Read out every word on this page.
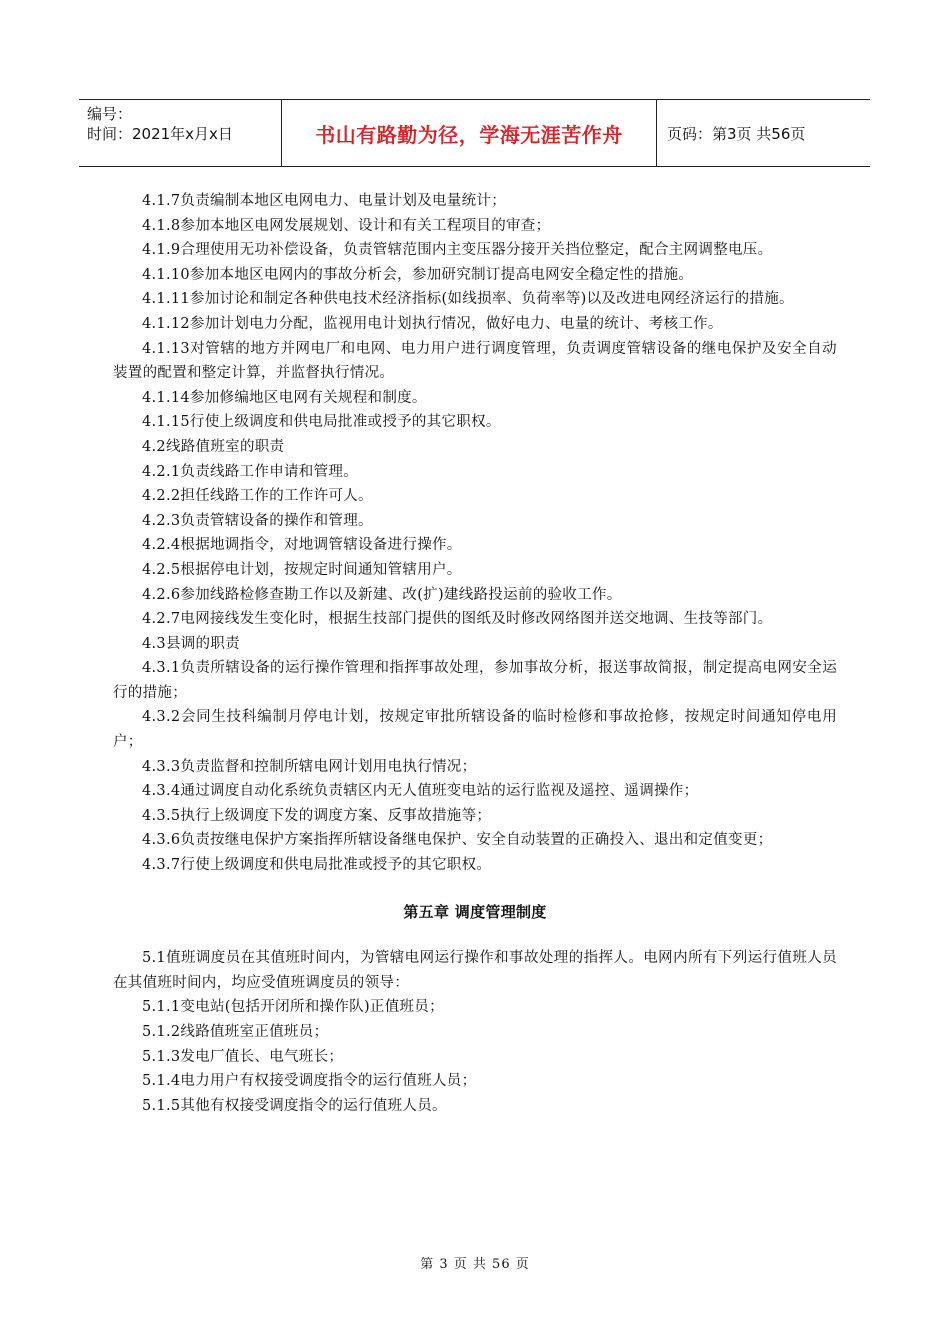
编号：
时间：2021年x月x日	书山有路勤为径，学海无涯苦作舟	页码：第3页 共56页

4.1.7负责编制本地区电网电力、电量计划及电量统计；

4.1.8参加本地区电网发展规划、设计和有关工程项目的审查；

4.1.9合理使用无功补偿设备，负责管辖范围内主变压器分接开关挡位整定，配合主网调整电压。

4.1.10参加本地区电网内的事故分析会，参加研究制订提高电网安全稳定性的措施。

4.1.11参加讨论和制定各种供电技术经济指标(如线损率、负荷率等)以及改进电网经济运行的措施。

4.1.12参加计划电力分配，监视用电计划执行情况，做好电力、电量的统计、考核工作。

4.1.13对管辖的地方并网电厂和电网、电力用户进行调度管理，负责调度管辖设备的继电保护及安全自动装置的配置和整定计算，并监督执行情况。

4.1.14参加修编地区电网有关规程和制度。

4.1.15行使上级调度和供电局批准或授予的其它职权。

4.2线路值班室的职责

4.2.1负责线路工作申请和管理。

4.2.2担任线路工作的工作许可人。

4.2.3负责管辖设备的操作和管理。

4.2.4根据地调指令，对地调管辖设备进行操作。

4.2.5根据停电计划，按规定时间通知管辖用户。

4.2.6参加线路检修查勘工作以及新建、改(扩)建线路投运前的验收工作。

4.2.7电网接线发生变化时，根据生技部门提供的图纸及时修改网络图并送交地调、生技等部门。

4.3县调的职责

4.3.1负责所辖设备的运行操作管理和指挥事故处理，参加事故分析，报送事故简报，制定提高电网安全运行的措施；

4.3.2会同生技科编制月停电计划，按规定审批所辖设备的临时检修和事故抢修，按规定时间通知停电用户；

4.3.3负责监督和控制所辖电网计划用电执行情况；

4.3.4通过调度自动化系统负责辖区内无人值班变电站的运行监视及遥控、遥调操作；

4.3.5执行上级调度下发的调度方案、反事故措施等；

4.3.6负责按继电保护方案指挥所辖设备继电保护、安全自动装置的正确投入、退出和定值变更；

4.3.7行使上级调度和供电局批准或授予的其它职权。

第五章 调度管理制度

5.1值班调度员在其值班时间内，为管辖电网运行操作和事故处理的指挥人。电网内所有下列运行值班人员在其值班时间内，均应受值班调度员的领导：

5.1.1变电站(包括开闭所和操作队)正值班员；

5.1.2线路值班室正值班员；

5.1.3发电厂值长、电气班长；

5.1.4电力用户有权接受调度指令的运行值班人员；

5.1.5其他有权接受调度指令的运行值班人员。

第 3 页 共 56 页
